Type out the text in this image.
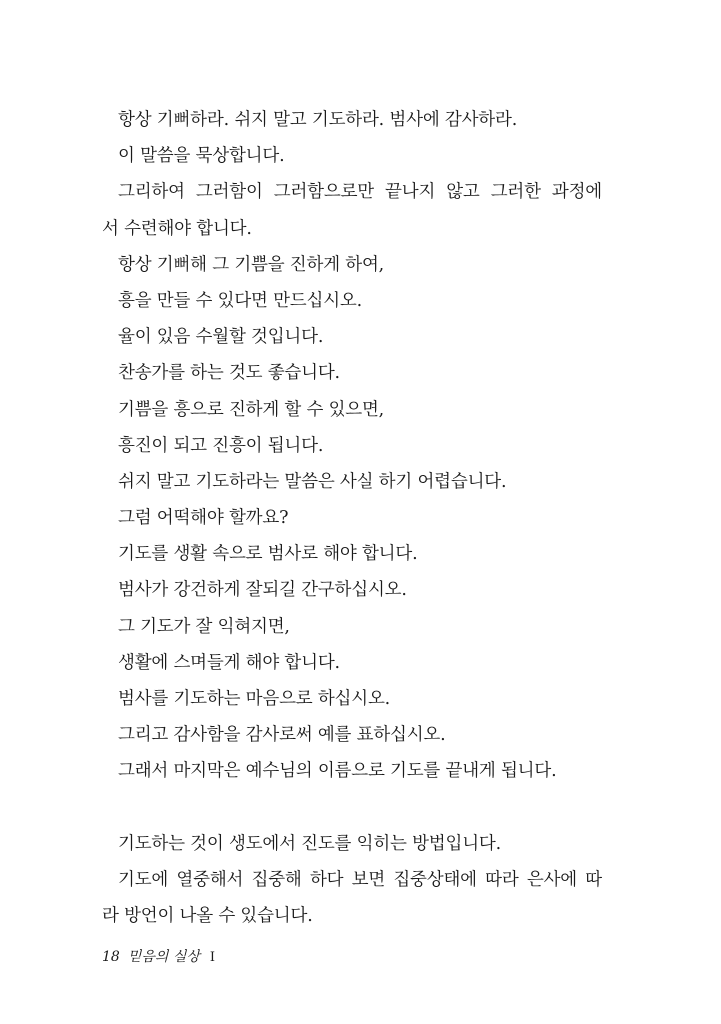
항상 기뻐하라. 쉬지 말고 기도하라. 범사에 감사하라.
이 말씀을 묵상합니다.
그리하여 그러함이 그러함으로만 끝나지 않고 그러한 과정에
서 수련해야 합니다.
항상 기뻐해 그 기쁨을 진하게 하여,
흥을 만들 수 있다면 만드십시오.
율이 있음 수월할 것입니다.
찬송가를 하는 것도 좋습니다.
기쁨을 흥으로 진하게 할 수 있으면,
흥진이 되고 진흥이 됩니다.
쉬지 말고 기도하라는 말씀은 사실 하기 어렵습니다.
그럼 어떡해야 할까요?
기도를 생활 속으로 범사로 해야 합니다.
범사가 강건하게 잘되길 간구하십시오.
그 기도가 잘 익혀지면,
생활에 스며들게 해야 합니다.
범사를 기도하는 마음으로 하십시오.
그리고 감사함을 감사로써 예를 표하십시오.
그래서 마지막은 예수님의 이름으로 기도를 끝내게 됩니다.
기도하는 것이 생도에서 진도를 익히는 방법입니다.
기도에 열중해서 집중해 하다 보면 집중상태에 따라 은사에 따
라 방언이 나올 수 있습니다.
18 믿음의 실상 I
